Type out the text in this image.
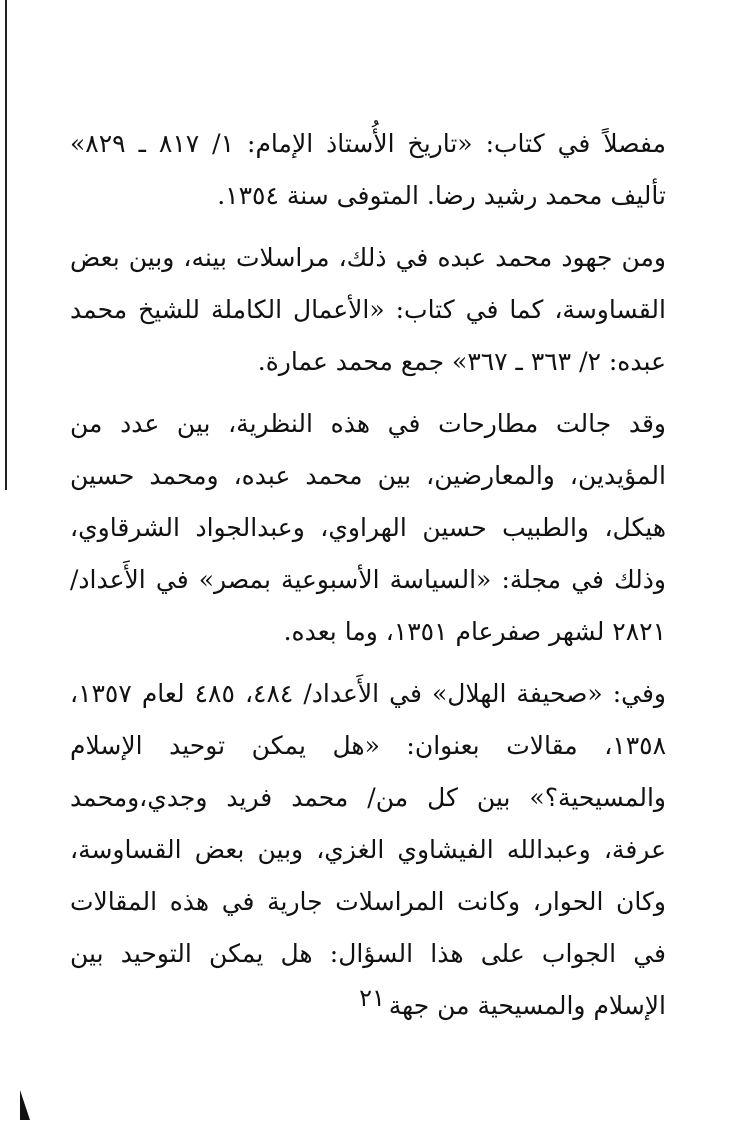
مفصلاً في كتاب: «تاريخ الأُستاذ الإمام: ١/ ٨١٧ ـ ٨٢٩» تأليف محمد رشيد رضا. المتوفى سنة ١٣٥٤.

ومن جهود محمد عبده في ذلك، مراسلات بينه، وبين بعض القساوسة، كما في كتاب: «الأعمال الكاملة للشيخ محمد عبده: ٢/ ٣٦٣ ـ ٣٦٧» جمع محمد عمارة.

وقد جالت مطارحات في هذه النظرية، بين عدد من المؤيدين، والمعارضين، بين محمد عبده، ومحمد حسين هيكل، والطبيب حسين الهراوي، وعبدالجواد الشرقاوي، وذلك في مجلة: «السياسة الأسبوعية بمصر» في الأَعداد/ ٢٨٢١ لشهر صفرعام ١٣٥١، وما بعده.

وفي: «صحيفة الهلال» في الأَعداد/ ٤٨٤، ٤٨٥ لعام ١٣٥٧، ١٣٥٨، مقالات بعنوان: «هل يمكن توحيد الإسلام والمسيحية؟» بين كل من/ محمد فريد وجدي،ومحمد عرفة، وعبدالله الفيشاوي الغزي، وبين بعض القساوسة، وكان الحوار، وكانت المراسلات جارية في هذه المقالات في الجواب على هذا السؤال: هل يمكن التوحيد بين الإسلام والمسيحية من جهة

٢١
